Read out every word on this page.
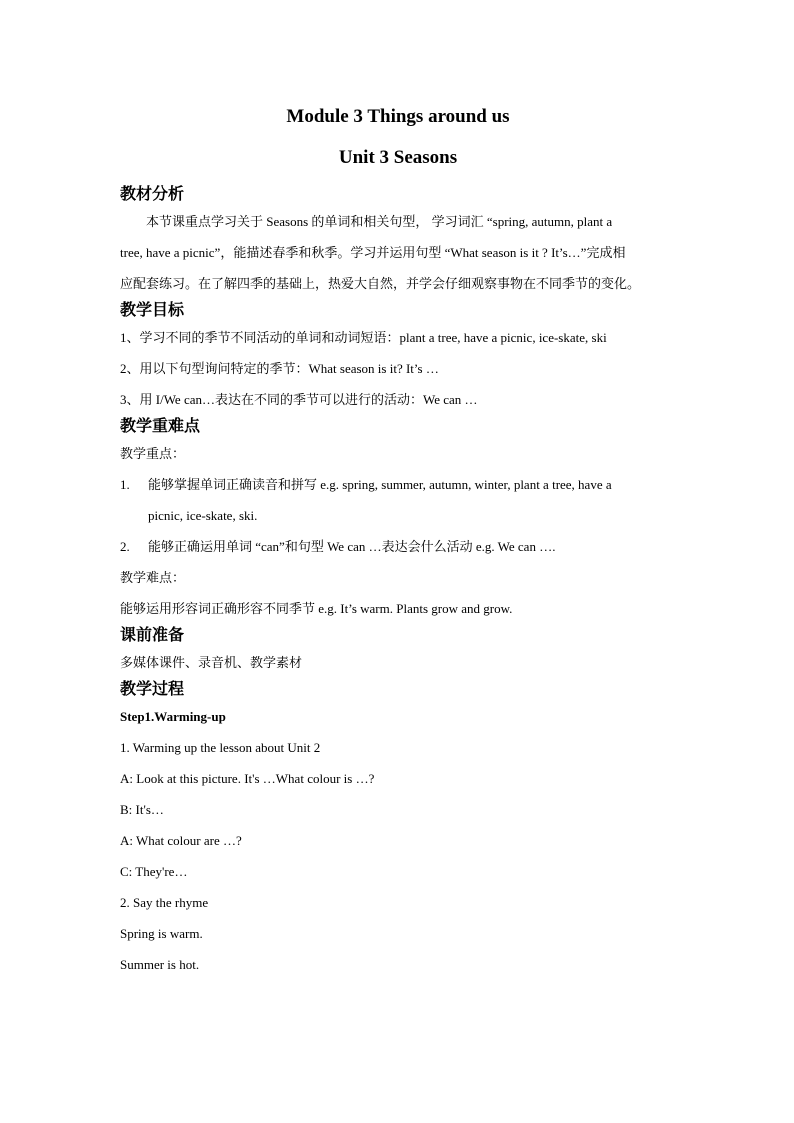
Module 3 Things around us
Unit 3 Seasons
教材分析
本节课重点学习关于 Seasons 的单词和相关句型， 学习词汇 “spring, autumn, plant a
tree, have a picnic”，能描述春季和秋季。学习并运用句型 “What season is it ? It’s…”完成相
应配套练习。在了解四季的基础上，热爱大自然，并学会仔细观察事物在不同季节的变化。
教学目标
1、学习不同的季节不同活动的单词和动词短语：plant a tree, have a picnic, ice-skate, ski
2、用以下句型询问特定的季节：What season is it? It’s …
3、用 I/We can…表达在不同的季节可以进行的活动：We can …
教学重难点
教学重点：
1.	能够掌握单词正确读音和拼写 e.g. spring, summer, autumn, winter, plant a tree, have a
picnic, ice-skate, ski.
2.	能够正确运用单词 “can”和句型 We can …表达会什么活动 e.g. We can ….
教学难点：
能够运用形容词正确形容不同季节 e.g. It’s warm. Plants grow and grow.
课前准备
多媒体课件、录音机、教学素材
教学过程
Step1.Warming-up
1. Warming up the lesson about Unit 2
A: Look at this picture. It's …What colour is …?
B: It's…
A: What colour are …?
C: They're…
2. Say the rhyme
Spring is warm.
Summer is hot.
